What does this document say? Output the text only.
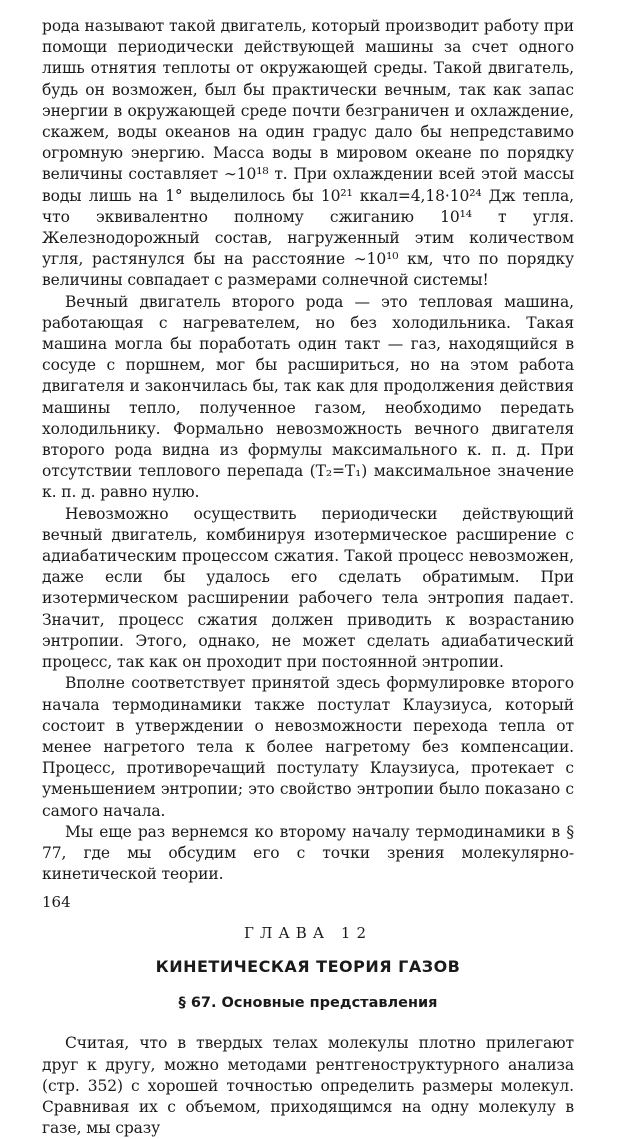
рода называют такой двигатель, который производит работу при помощи периодически действующей машины за счет одного лишь отнятия теплоты от окружающей среды. Такой двигатель, будь он возможен, был бы практически вечным, так как запас энергии в окружающей среде почти безграничен и охлаждение, скажем, воды океанов на один градус дало бы непредставимо огромную энергию. Масса воды в мировом океане по порядку величины составляет ∼10¹⁸ т. При охлаждении всей этой массы воды лишь на 1° выделилось бы 10²¹ ккал=4,18·10²⁴ Дж тепла, что эквивалентно полному сжиганию 10¹⁴ т угля. Железнодорожный состав, нагруженный этим количеством угля, растянулся бы на расстояние ∼10¹⁰ км, что по порядку величины совпадает с размерами солнечной системы!

Вечный двигатель второго рода — это тепловая машина, работающая с нагревателем, но без холодильника. Такая машина могла бы поработать один такт — газ, находящийся в сосуде с поршнем, мог бы расшириться, но на этом работа двигателя и закончилась бы, так как для продолжения действия машины тепло, полученное газом, необходимо передать холодильнику. Формально невозможность вечного двигателя второго рода видна из формулы максимального к. п. д. При отсутствии теплового перепада (T₂=T₁) максимальное значение к. п. д. равно нулю.

Невозможно осуществить периодически действующий вечный двигатель, комбинируя изотермическое расширение с адиабатическим процессом сжатия. Такой процесс невозможен, даже если бы удалось его сделать обратимым. При изотермическом расширении рабочего тела энтропия падает. Значит, процесс сжатия должен приводить к возрастанию энтропии. Этого, однако, не может сделать адиабатический процесс, так как он проходит при постоянной энтропии.

Вполне соответствует принятой здесь формулировке второго начала термодинамики также постулат Клаузиуса, который состоит в утверждении о невозможности перехода тепла от менее нагретого тела к более нагретому без компенсации. Процесс, противоречащий постулату Клаузиуса, протекает с уменьшением энтропии; это свойство энтропии было показано с самого начала.

Мы еще раз вернемся ко второму началу термодинамики в § 77, где мы обсудим его с точки зрения молекулярно-кинетической теории.

ГЛАВА 12
КИНЕТИЧЕСКАЯ ТЕОРИЯ ГАЗОВ
§ 67. Основные представления

Считая, что в твердых телах молекулы плотно прилегают друг к другу, можно методами рентгеноструктурного анализа (стр. 352) с хорошей точностью определить размеры молекул. Сравнивая их с объемом, приходящимся на одну молекулу в газе, мы сразу

164
